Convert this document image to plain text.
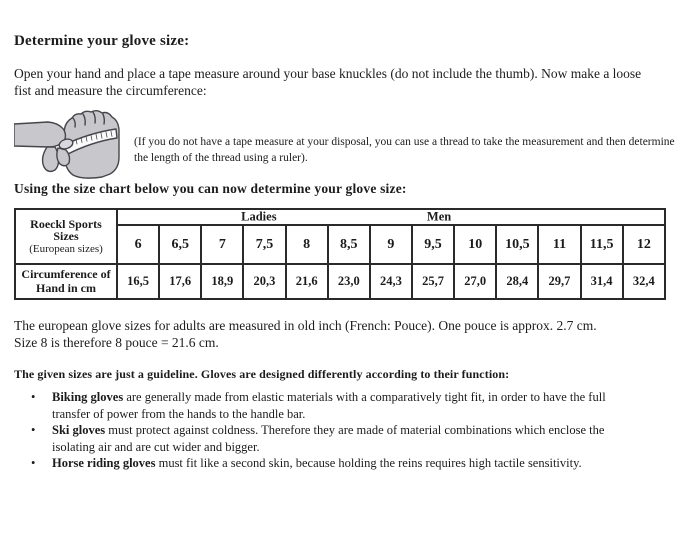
Determine your glove size:

Open your hand and place a tape measure around your base knuckles (do not include the thumb). Now make a loose fist and measure the circumference:

(If you do not have a tape measure at your disposal, you can use a thread to take the measurement and then determine the length of the thread using a ruler).

Using the size chart below you can now determine your glove size:
Roeckl Sports
Sizes
(European sizes)

Ladies	Men

	6	6,5	7	7,5	8	8,5	9	9,5	10	10,5	11	11,5	12

Circumference of
Hand in cm	16,5	17,6	18,9	20,3	21,6	23,0	24,3	25,7	27,0	28,4	29,7	31,4	32,4

The european glove sizes for adults are measured in old inch (French: Pouce). One pouce is approx. 2.7 cm.
Size 8 is therefore 8 pouce = 21.6 cm.

The given sizes are just a guideline. Gloves are designed differently according to their function:
• Biking gloves are generally made from elastic materials with a comparatively tight fit, in order to have the full transfer of power from the hands to the handle bar.
• Ski gloves must protect against coldness. Therefore they are made of material combinations which enclose the isolating air and are cut wider and bigger.
• Horse riding gloves must fit like a second skin, because holding the reins requires high tactile sensitivity.
